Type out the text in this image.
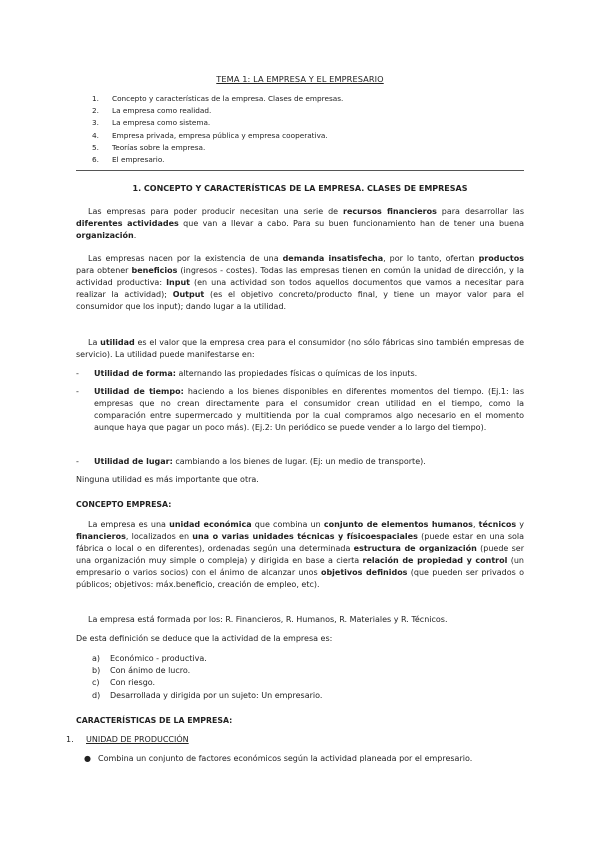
TEMA 1: LA EMPRESA Y EL EMPRESARIO
1.	Concepto y características de la empresa. Clases de empresas.
2.	La empresa como realidad.
3.	La empresa como sistema.
4.	Empresa privada, empresa pública y empresa cooperativa.
5.	Teorías sobre la empresa.
6.	El empresario.
1. CONCEPTO Y CARACTERÍSTICAS DE LA EMPRESA. CLASES DE EMPRESAS
Las empresas para poder producir necesitan una serie de recursos financieros para desarrollar las diferentes actividades que van a llevar a cabo. Para su buen funcionamiento han de tener una buena organización.
Las empresas nacen por la existencia de una demanda insatisfecha, por lo tanto, ofertan productos para obtener beneficios (ingresos - costes). Todas las empresas tienen en común la unidad de dirección, y la actividad productiva: Input (en una actividad son todos aquellos documentos que vamos a necesitar para realizar la actividad); Output (es el objetivo concreto/producto final, y tiene un mayor valor para el consumidor que los input); dando lugar a la utilidad.
La utilidad es el valor que la empresa crea para el consumidor (no sólo fábricas sino también empresas de servicio). La utilidad puede manifestarse en:
- Utilidad de forma: alternando las propiedades físicas o químicas de los inputs.
- Utilidad de tiempo: haciendo a los bienes disponibles en diferentes momentos del tiempo. (Ej.1: las empresas que no crean directamente para el consumidor crean utilidad en el tiempo, como la comparación entre supermercado y multitienda por la cual compramos algo necesario en el momento aunque haya que pagar un poco más). (Ej.2: Un periódico se puede vender a lo largo del tiempo).
- Utilidad de lugar: cambiando a los bienes de lugar. (Ej: un medio de transporte).
Ninguna utilidad es más importante que otra.
CONCEPTO EMPRESA:
La empresa es una unidad económica que combina un conjunto de elementos humanos, técnicos y financieros, localizados en una o varias unidades técnicas y físicoespaciales (puede estar en una sola fábrica o local o en diferentes), ordenadas según una determinada estructura de organización (puede ser una organización muy simple o compleja) y dirigida en base a cierta relación de propiedad y control (un empresario o varios socios) con el ánimo de alcanzar unos objetivos definidos (que pueden ser privados o públicos; objetivos: máx.beneficio, creación de empleo, etc).
La empresa está formada por los: R. Financieros, R. Humanos, R. Materiales y R. Técnicos.
De esta definición se deduce que la actividad de la empresa es:
a)	Económico - productiva.
b)	Con ánimo de lucro.
c)	Con riesgo.
d)	Desarrollada y dirigida por un sujeto: Un empresario.
CARACTERÍSTICAS DE LA EMPRESA:
1. UNIDAD DE PRODUCCIÓN
● Combina un conjunto de factores económicos según la actividad planeada por el empresario.
